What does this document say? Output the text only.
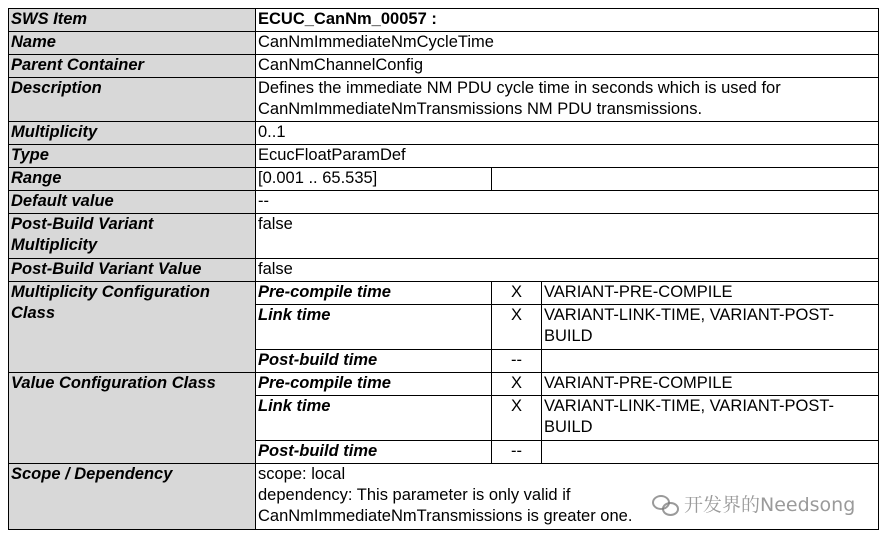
SWS Item	ECUC_CanNm_00057 :		
Name	CanNmImmediateNmCycleTime		
Parent Container	CanNmChannelConfig		
Description	Defines the immediate NM PDU cycle time in seconds which is used for
CanNmImmediateNmTransmissions NM PDU transmissions.		

Multiplicity	0..1		
Type	EcucFloatParamDef		
Range	[0.001 .. 65.535]		
Default value	--		

Post-Build Variant
Multiplicity	false		
Post-Build Variant Value	false		

Multiplicity Configuration
Class	Pre-compile time	X	VARIANT-PRE-COMPILE

	Link time	X	VARIANT-LINK-TIME, VARIANT-POST-
BUILD

	Post-build time	--	
Value Configuration Class	Pre-compile time	X	VARIANT-PRE-COMPILE

	Link time	X	VARIANT-LINK-TIME, VARIANT-POST-
BUILD

	Post-build time	--	
Scope / Dependency	scope: local
dependency: This parameter is only valid if
CanNmImmediateNmTransmissions is greater one.			开发界的Needsong
